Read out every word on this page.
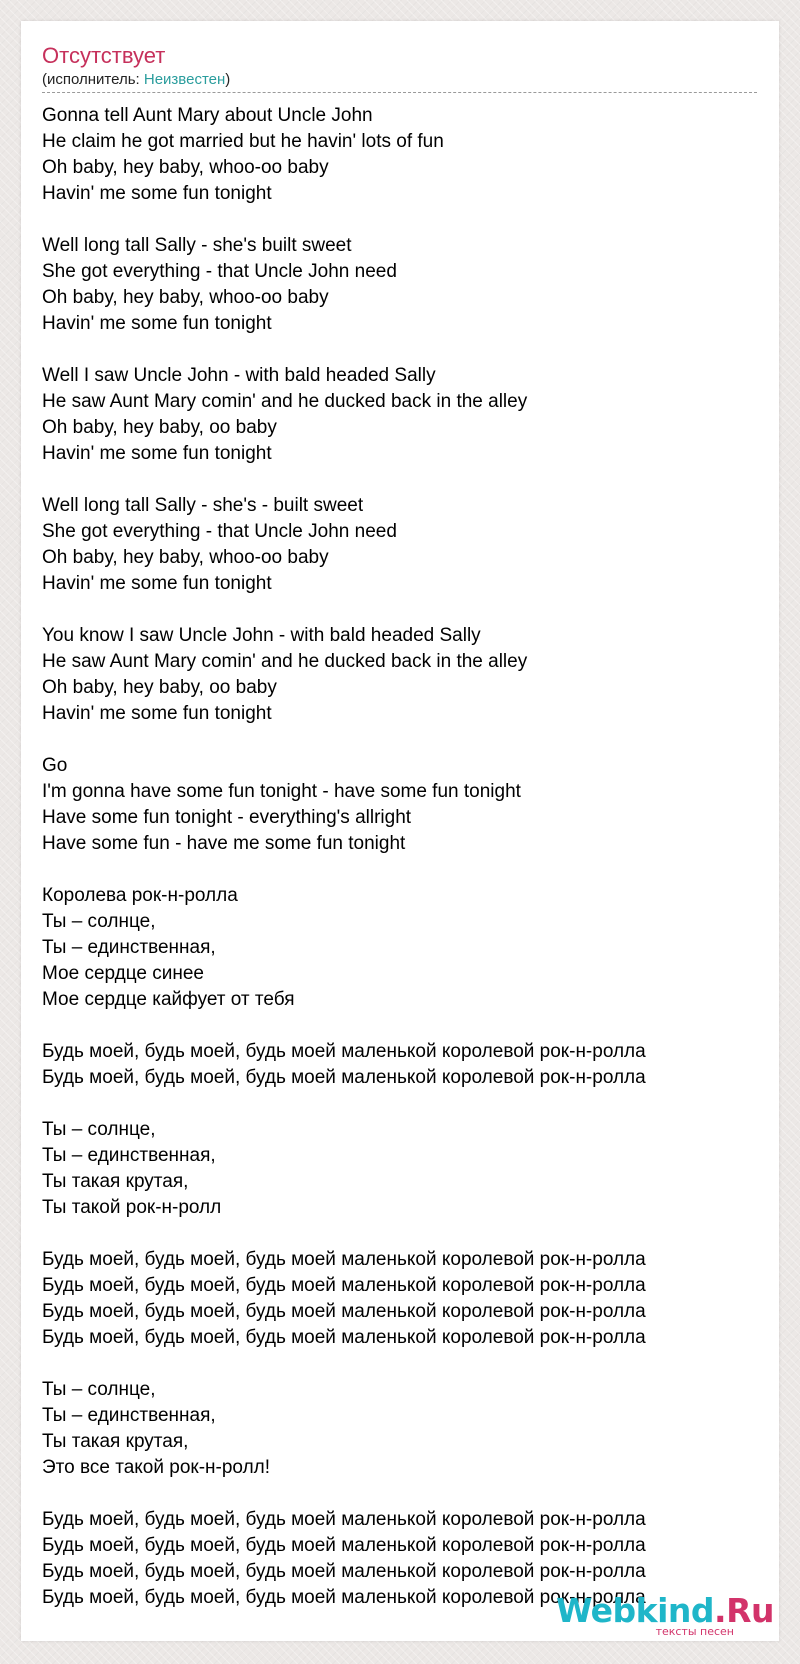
Отсутствует
(исполнитель: Неизвестен)
Gonna tell Aunt Mary about Uncle John
He claim he got married but he havin' lots of fun
Oh baby, hey baby, whoo-oo baby
Havin' me some fun tonight
Well long tall Sally - she's built sweet
She got everything - that Uncle John need
Oh baby, hey baby, whoo-oo baby
Havin' me some fun tonight
Well I saw Uncle John - with bald headed Sally
He saw Aunt Mary comin' and he ducked back in the alley
Oh baby, hey baby, oo baby
Havin' me some fun tonight
Well long tall Sally - she's - built sweet
She got everything - that Uncle John need
Oh baby, hey baby, whoo-oo baby
Havin' me some fun tonight
You know I saw Uncle John - with bald headed Sally
He saw Aunt Mary comin' and he ducked back in the alley
Oh baby, hey baby, oo baby
Havin' me some fun tonight
Go
I'm gonna have some fun tonight - have some fun tonight
Have some fun tonight - everything's allright
Have some fun - have me some fun tonight
Королева рок-н-ролла
Ты – солнце,
Ты – единственная,
Мое сердце синее
Мое сердце кайфует от тебя
Будь моей, будь моей, будь моей маленькой королевой рок-н-ролла
Будь моей, будь моей, будь моей маленькой королевой рок-н-ролла
Ты – солнце,
Ты – единственная,
Ты такая крутая,
Ты такой рок-н-ролл
Будь моей, будь моей, будь моей маленькой королевой рок-н-ролла
Будь моей, будь моей, будь моей маленькой королевой рок-н-ролла
Будь моей, будь моей, будь моей маленькой королевой рок-н-ролла
Будь моей, будь моей, будь моей маленькой королевой рок-н-ролла
Ты – солнце,
Ты – единственная,
Ты такая крутая,
Это все такой рок-н-ролл!
Будь моей, будь моей, будь моей маленькой королевой рок-н-ролла
Будь моей, будь моей, будь моей маленькой королевой рок-н-ролла
Будь моей, будь моей, будь моей маленькой королевой рок-н-ролла
Будь моей, будь моей, будь моей маленькой королевой рок-н-ролла
Webkind.Ru
тексты песен
